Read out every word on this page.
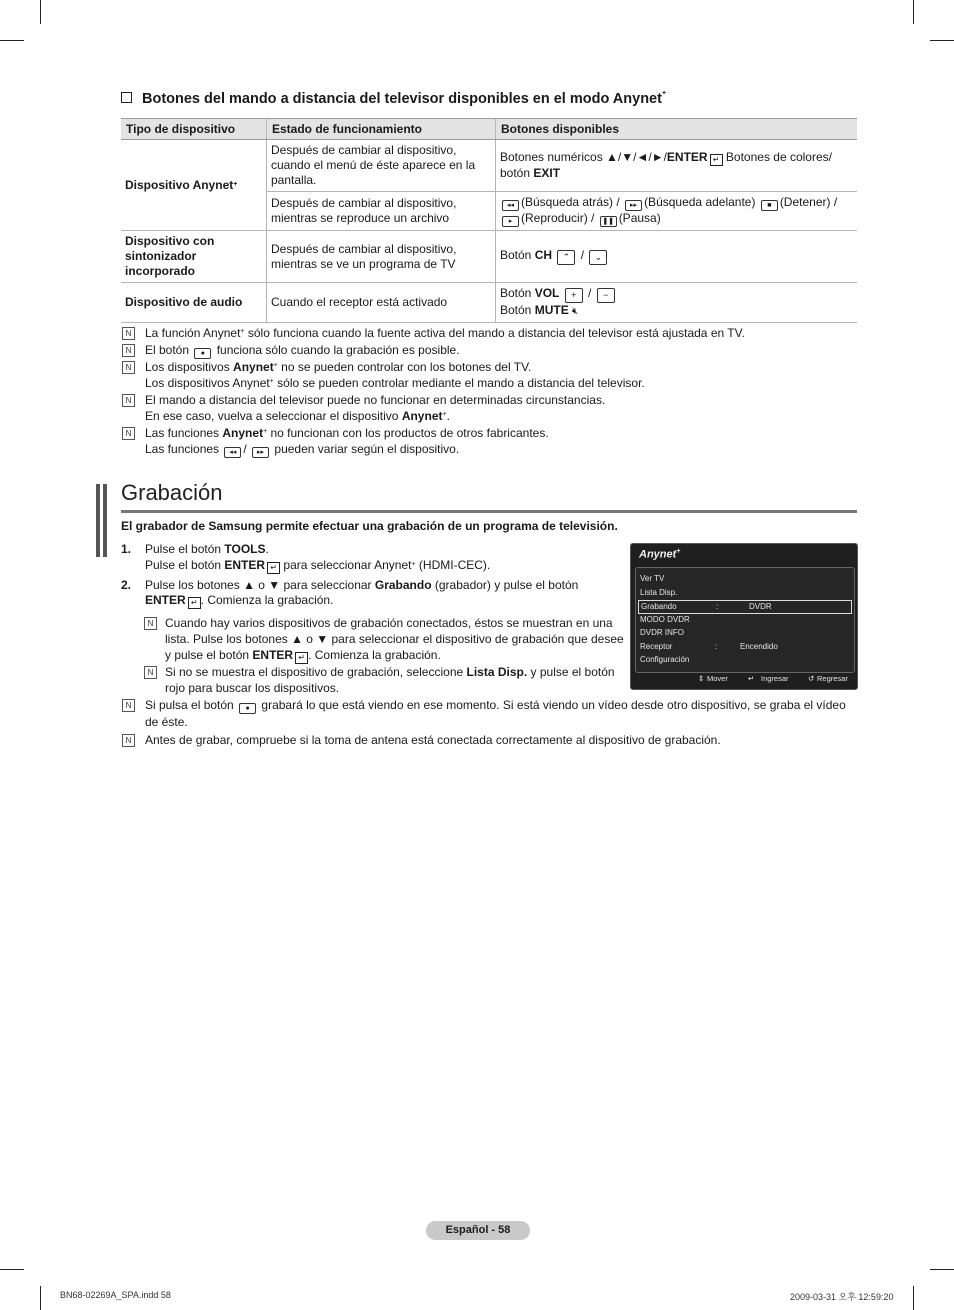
Botones del mando a distancia del televisor disponibles en el modo Anynet+
Tipo de dispositivo	Estado de funcionamiento	Botones disponibles
Dispositivo Anynet+	Después de cambiar al dispositivo, cuando el menú de éste aparece en la pantalla.	Botones numéricos ▲/▼/◄/►/ENTER ↵ Botones de colores/ botón EXIT
	Después de cambiar al dispositivo, mientras se reproduce un archivo	◂◂ (Búsqueda atrás) / ▸▸ (Búsqueda adelante) ■ (Detener) / ▸ (Reproducir) / ❚❚ (Pausa)
Dispositivo con sintonizador incorporado	Después de cambiar al dispositivo, mientras se ve un programa de TV	Botón CH ⌃ / ⌄
Dispositivo de audio	Cuando el receptor está activado	Botón VOL + / −
Botón MUTE 🔇︎
N	La función Anynet+ sólo funciona cuando la fuente activa del mando a distancia del televisor está ajustada en TV.
N	El botón ● funciona sólo cuando la grabación es posible.
N	Los dispositivos Anynet+ no se pueden controlar con los botones del TV.
Los dispositivos Anynet+ sólo se pueden controlar mediante el mando a distancia del televisor.
N	El mando a distancia del televisor puede no funcionar en determinadas circunstancias.
En ese caso, vuelva a seleccionar el dispositivo Anynet+.
N	Las funciones Anynet+ no funcionan con los productos de otros fabricantes.
Las funciones ◂◂ / ▸▸ pueden variar según el dispositivo.
Grabación
El grabador de Samsung permite efectuar una grabación de un programa de televisión.
1. Pulse el botón TOOLS.
Pulse el botón ENTER ↵ para seleccionar Anynet+ (HDMI-CEC).
2. Pulse los botones ▲ o ▼ para seleccionar Grabando (grabador) y pulse el botón
ENTER ↵ . Comienza la grabación.
N Cuando hay varios dispositivos de grabación conectados, éstos se muestran en una lista. Pulse los botones ▲ o ▼ para seleccionar el dispositivo de grabación que desee y pulse el botón ENTER ↵ . Comienza la grabación.
N Si no se muestra el dispositivo de grabación, seleccione Lista Disp. y pulse el botón rojo para buscar los dispositivos.
N	Si pulsa el botón ● grabará lo que está viendo en ese momento. Si está viendo un vídeo desde otro dispositivo, se graba el vídeo de éste.
N	Antes de grabar, compruebe si la toma de antena está conectada correctamente al dispositivo de grabación.
Anynet+
Ver TV
Lista Disp.
Grabando	:	DVDR
MODO DVDR
DVDR INFO
Receptor	:	Encendido
Configuración
⇕ Mover	↵ Ingresar	↺ Regresar
Español - 58
BN68-02269A_SPA.indd 58	2009-03-31 오후 12:59:20
